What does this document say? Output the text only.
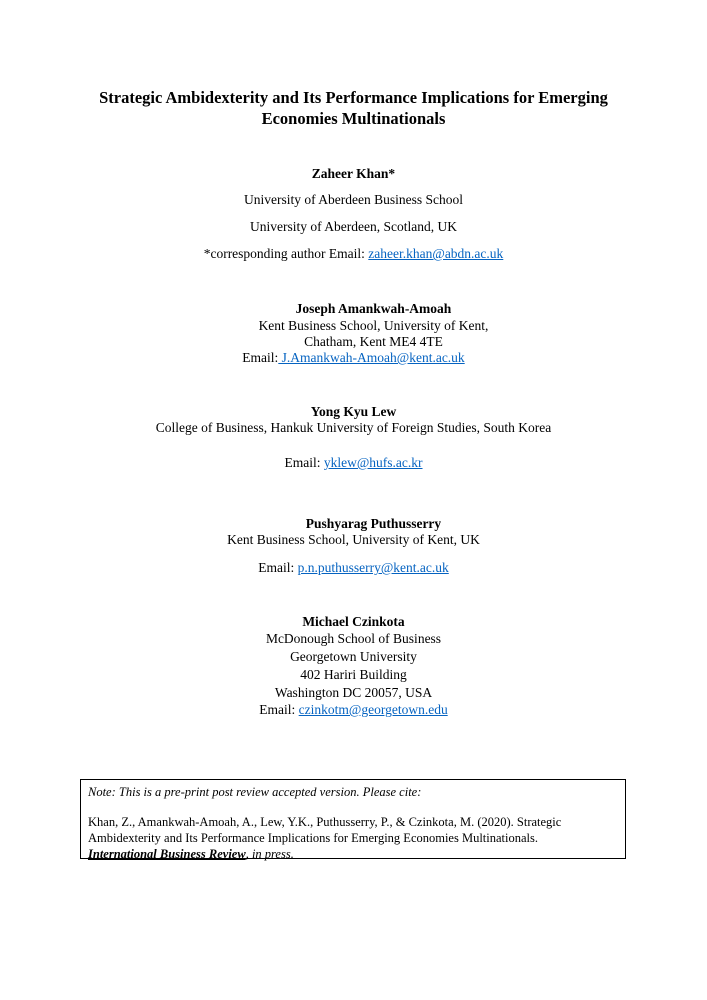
Strategic Ambidexterity and Its Performance Implications for Emerging
Economies Multinationals
Zaheer Khan*
University of Aberdeen Business School
University of Aberdeen, Scotland, UK
*corresponding author Email: zaheer.khan@abdn.ac.uk
Joseph Amankwah-Amoah
Kent Business School, University of Kent,
Chatham, Kent ME4 4TE
Email: J.Amankwah-Amoah@kent.ac.uk
Yong Kyu Lew
College of Business, Hankuk University of Foreign Studies, South Korea
Email: yklew@hufs.ac.kr
Pushyarag Puthusserry
Kent Business School, University of Kent, UK
Email: p.n.puthusserry@kent.ac.uk
Michael Czinkota
McDonough School of Business
Georgetown University
402 Hariri Building
Washington DC 20057, USA
Email: czinkotm@georgetown.edu
Note: This is a pre-print post review accepted version. Please cite:
Khan, Z., Amankwah-Amoah, A., Lew, Y.K., Puthusserry, P., & Czinkota, M. (2020). Strategic
Ambidexterity and Its Performance Implications for Emerging Economies Multinationals.
International Business Review, in press.
